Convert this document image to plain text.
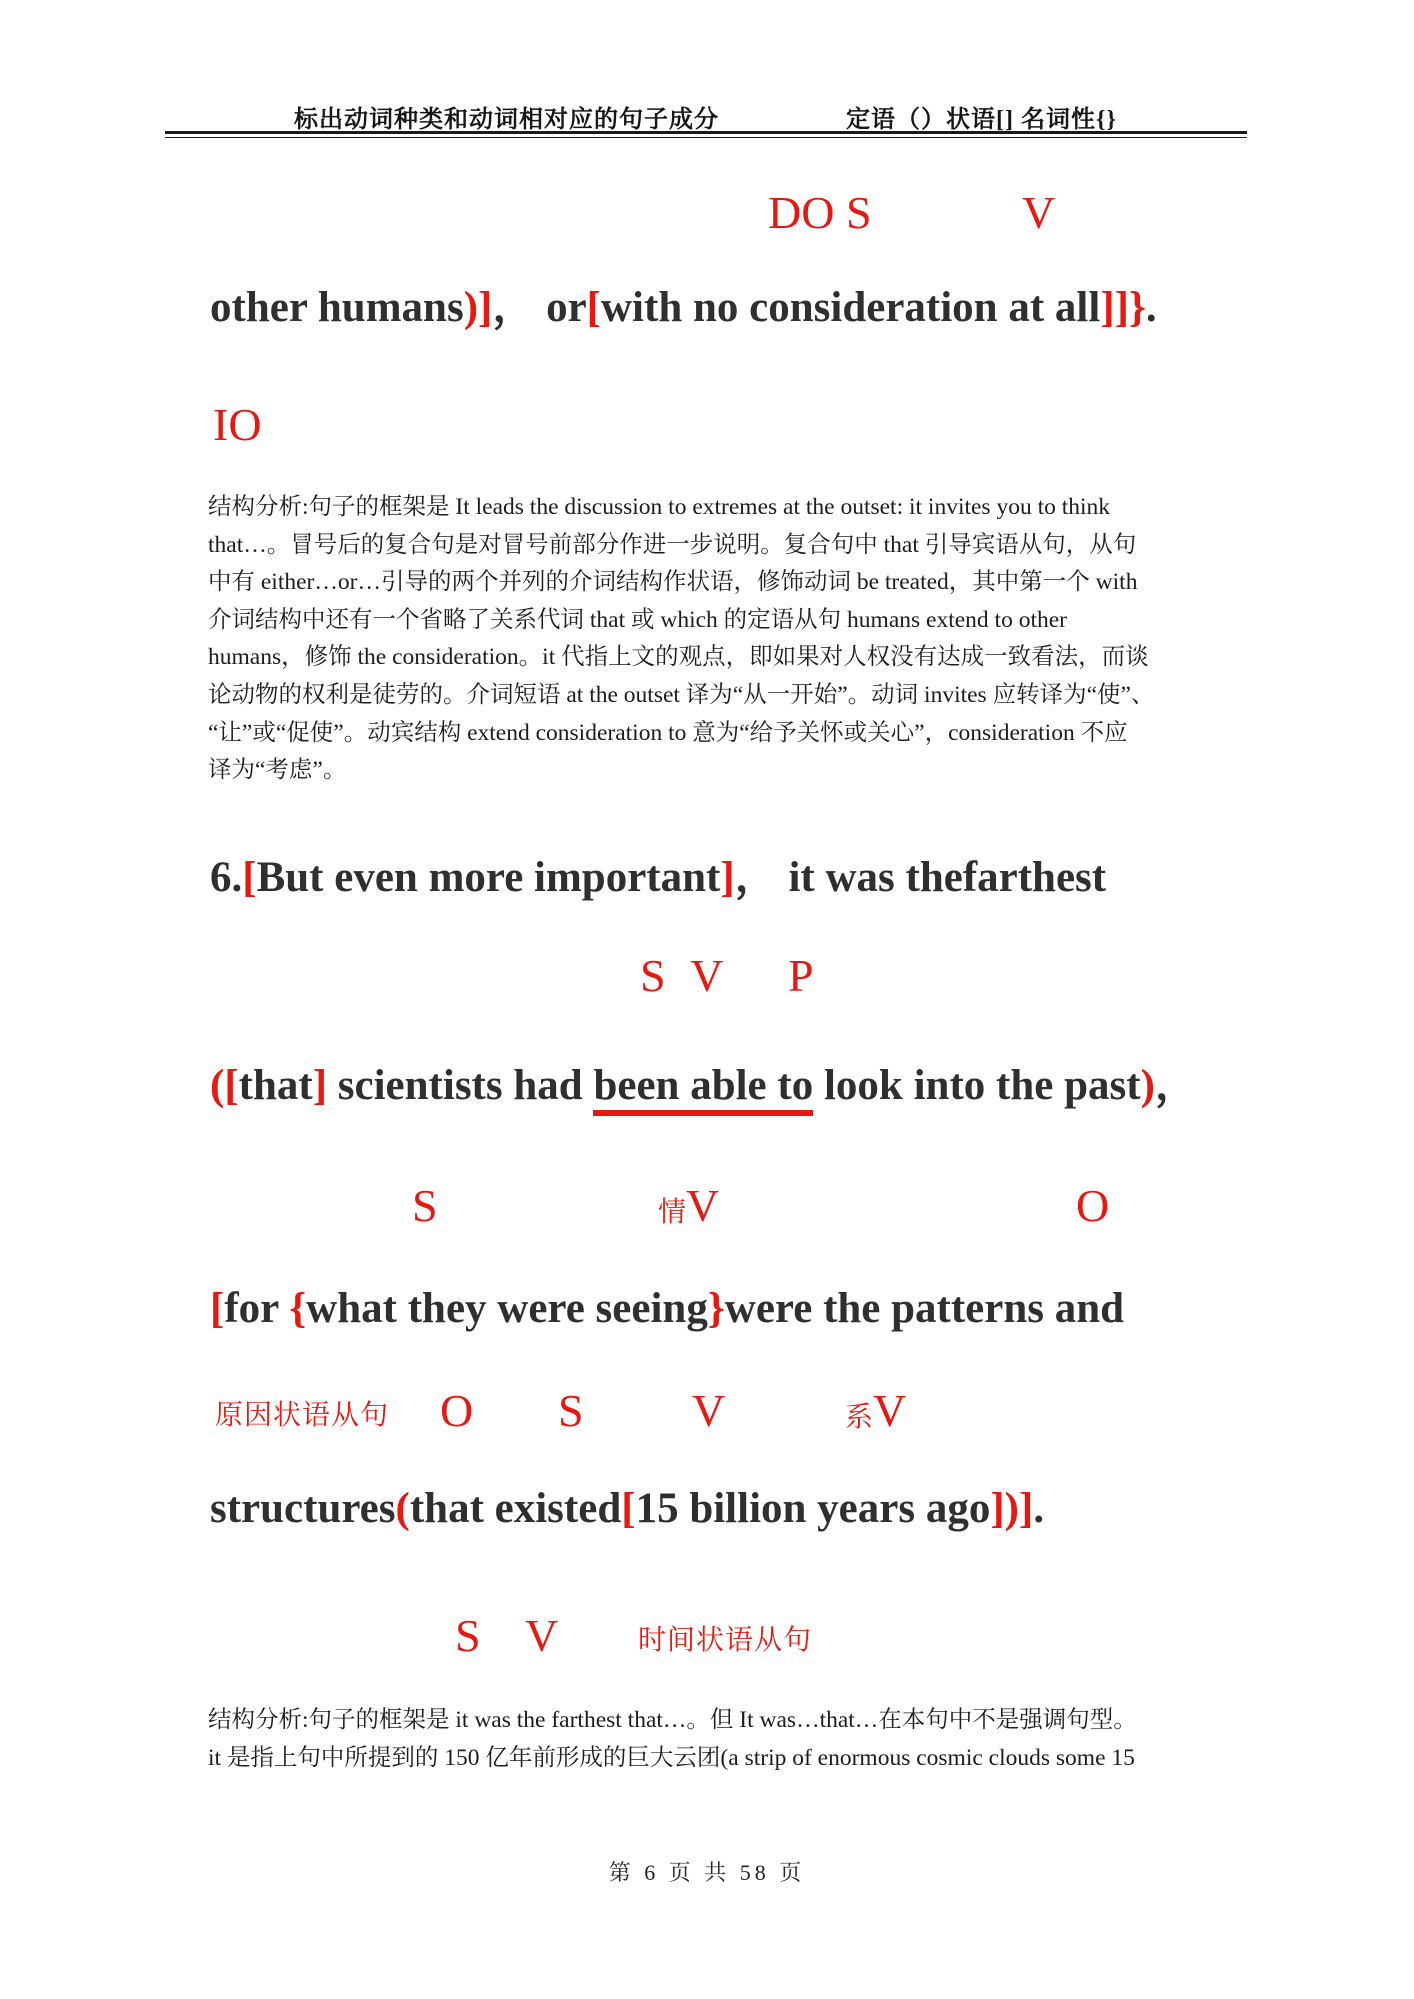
标出动词种类和动词相对应的句子成分	定语（）状语[] 名词性{}
DO S	V
other humans)]， or[with no consideration at all]]}.
IO
结构分析:句子的框架是 It leads the discussion to extremes at the outset: it invites you to think
that…。冒号后的复合句是对冒号前部分作进一步说明。复合句中 that 引导宾语从句，从句
中有 either…or…引导的两个并列的介词结构作状语，修饰动词 be treated，其中第一个 with
介词结构中还有一个省略了关系代词 that 或 which 的定语从句 humans extend to other
humans，修饰 the consideration。it 代指上文的观点，即如果对人权没有达成一致看法，而谈
论动物的权利是徒劳的。介词短语 at the outset 译为“从一开始”。动词 invites 应转译为“使”、
“让”或“促使”。动宾结构 extend consideration to 意为“给予关怀或关心”，consideration 不应
译为“考虑”。
6.[But even more important]， it was thefarthest
S V P
([that] scientists had been able to look into the past)，
S	情V	O
[for {what they were seeing}were the patterns and
原因状语从句 O S V	系V
structures(that existed[15 billion years ago])].
S V	时间状语从句
结构分析:句子的框架是 it was the farthest that…。但 It was…that…在本句中不是强调句型。
it 是指上句中所提到的 150 亿年前形成的巨大云团(a strip of enormous cosmic clouds some 15
第 6 页 共 58 页
